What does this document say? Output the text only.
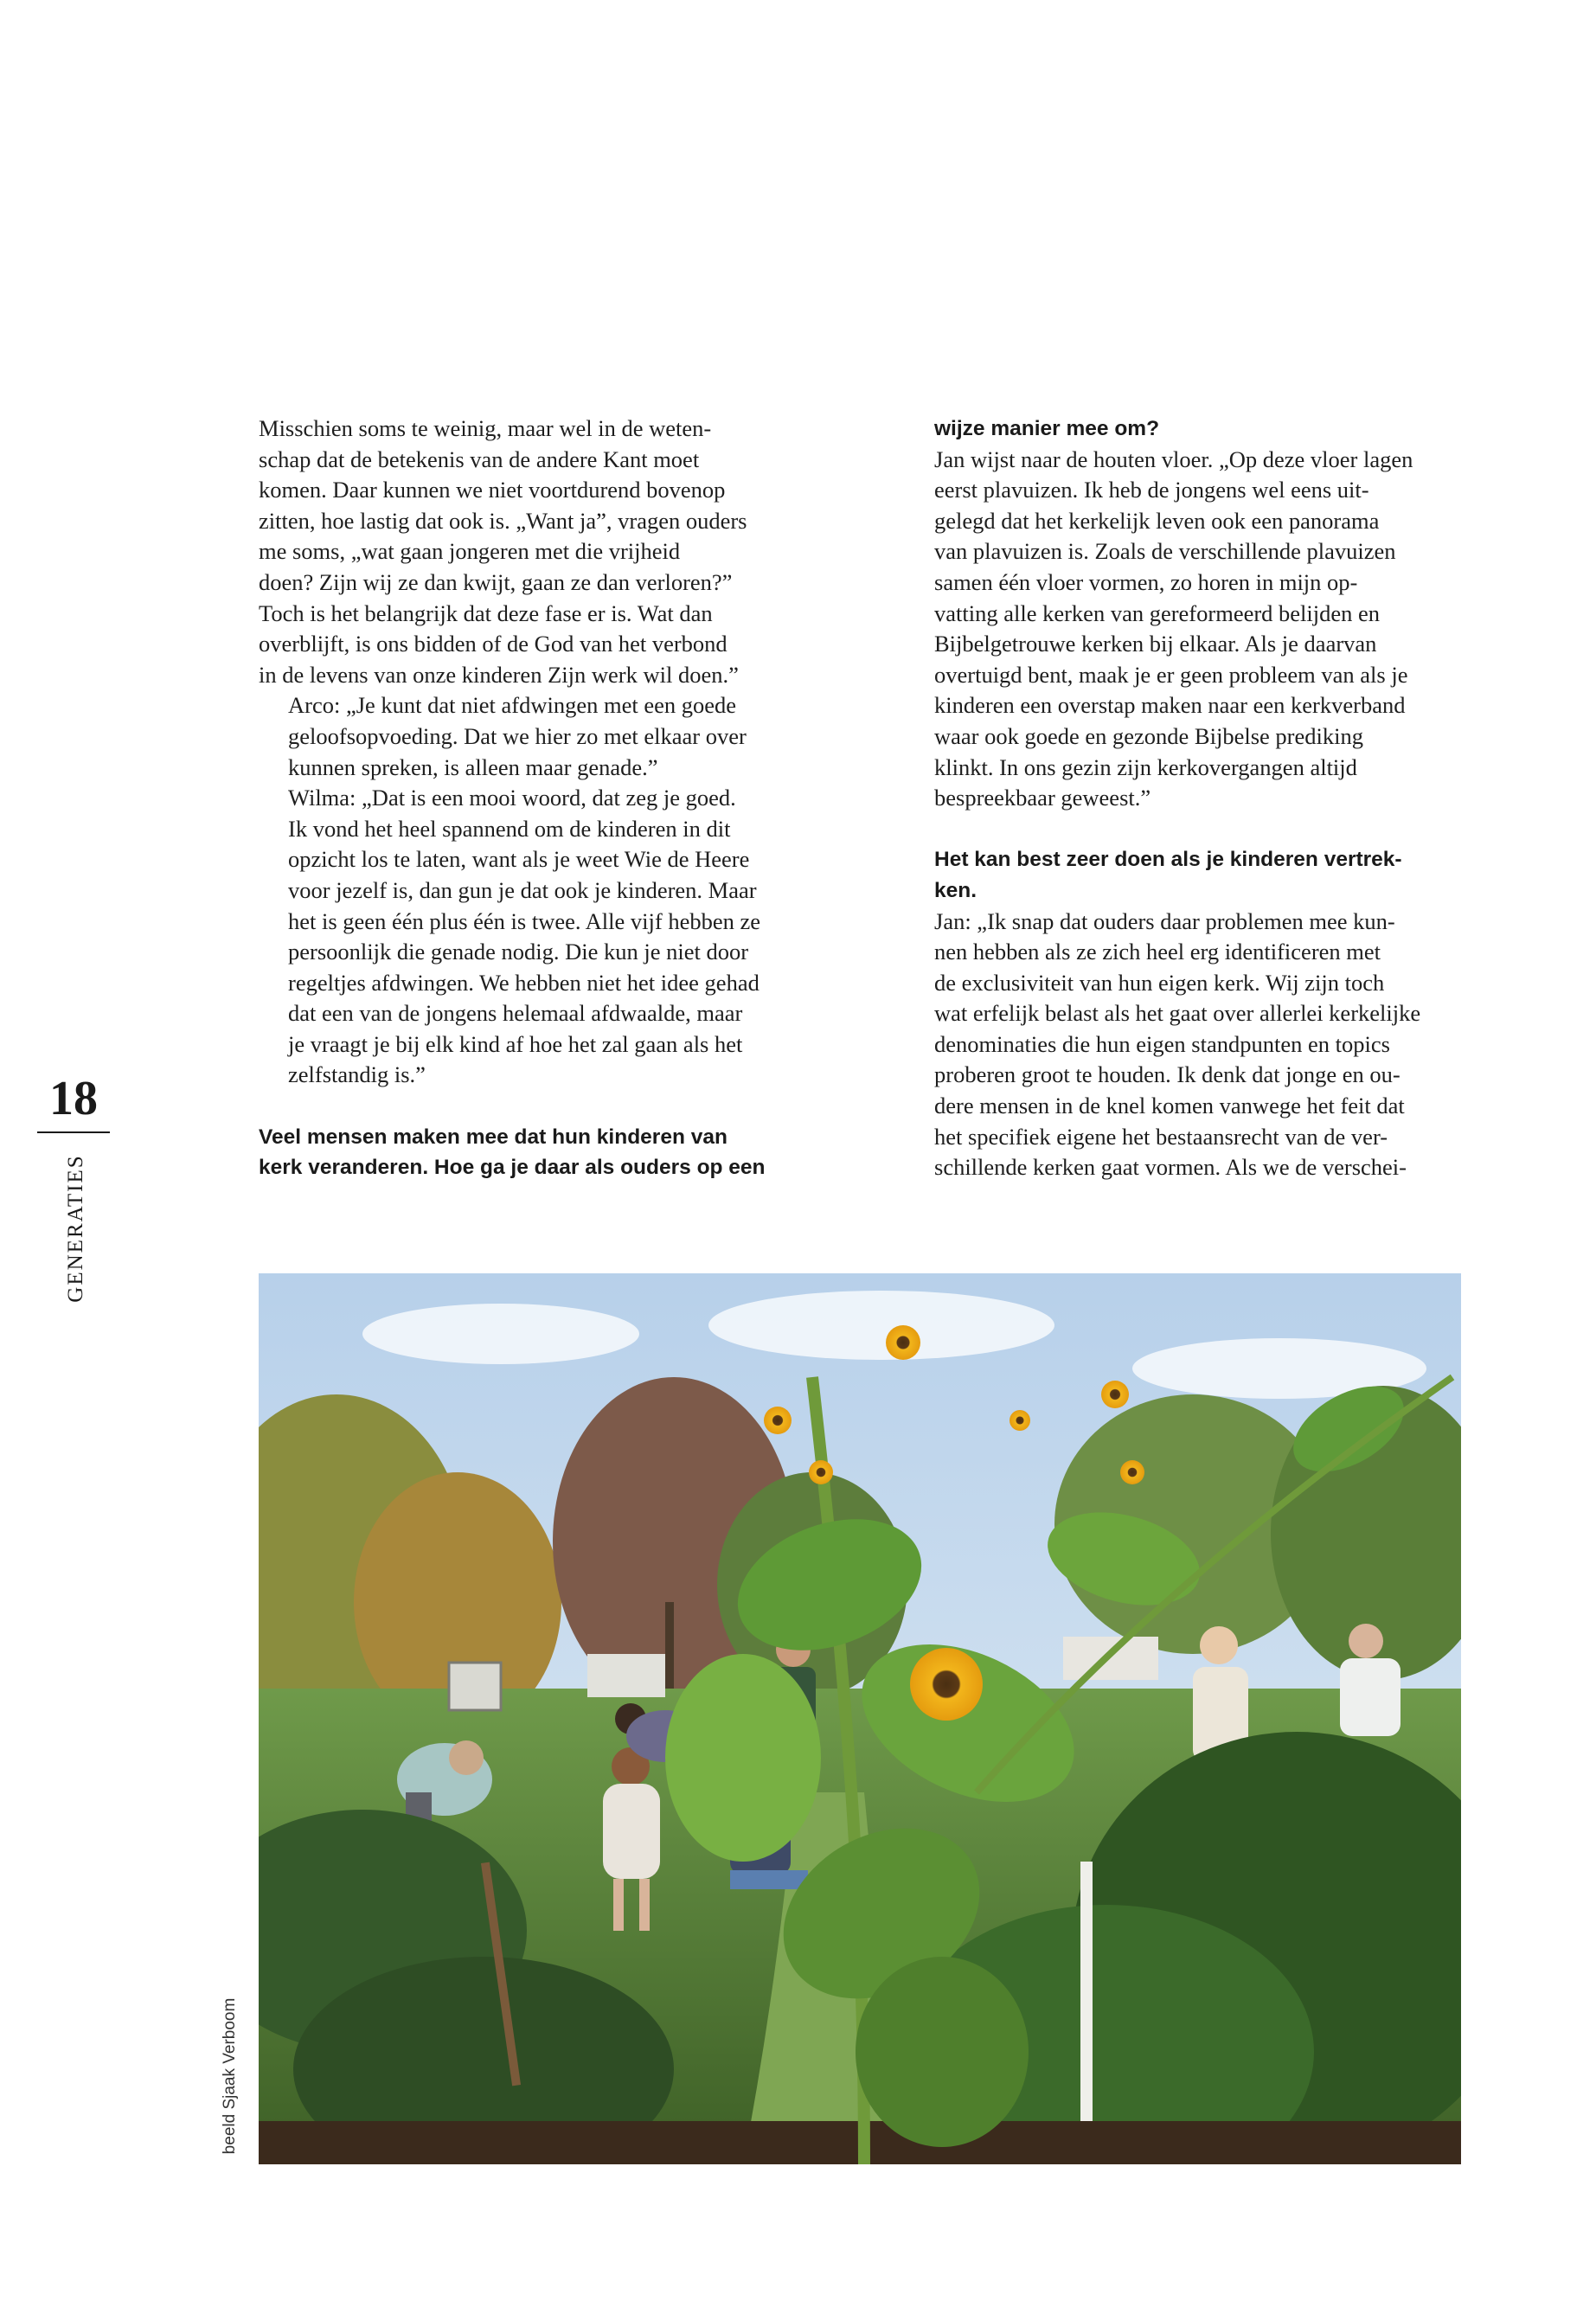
Misschien soms te weinig, maar wel in de weten-
schap dat de betekenis van de andere Kant moet
komen. Daar kunnen we niet voortdurend bovenop
zitten, hoe lastig dat ook is. „Want ja”, vragen ouders
me soms, „wat gaan jongeren met die vrijheid
doen? Zijn wij ze dan kwijt, gaan ze dan verloren?”
Toch is het belangrijk dat deze fase er is. Wat dan
overblijft, is ons bidden of de God van het verbond
in de levens van onze kinderen Zijn werk wil doen.”

Arco: „Je kunt dat niet afdwingen met een goede
geloofsopvoeding. Dat we hier zo met elkaar over
kunnen spreken, is alleen maar genade.”

Wilma: „Dat is een mooi woord, dat zeg je goed.
Ik vond het heel spannend om de kinderen in dit
opzicht los te laten, want als je weet Wie de Heere
voor jezelf is, dan gun je dat ook je kinderen. Maar
het is geen één plus één is twee. Alle vijf hebben ze
persoonlijk die genade nodig. Die kun je niet door
regeltjes afdwingen. We hebben niet het idee gehad
dat een van de jongens helemaal afdwaalde, maar
je vraagt je bij elk kind af hoe het zal gaan als het
zelfstandig is.”

Veel mensen maken mee dat hun kinderen van
kerk veranderen. Hoe ga je daar als ouders op een
wijze manier mee om?

Jan wijst naar de houten vloer. „Op deze vloer lagen
eerst plavuizen. Ik heb de jongens wel eens uit-
gelegd dat het kerkelijk leven ook een panorama
van plavuizen is. Zoals de verschillende plavuizen
samen één vloer vormen, zo horen in mijn op-
vatting alle kerken van gereformeerd belijden en
Bijbelgetrouwe kerken bij elkaar. Als je daarvan
overtuigd bent, maak je er geen probleem van als je
kinderen een overstap maken naar een kerkverband
waar ook goede en gezonde Bijbelse prediking
klinkt. In ons gezin zijn kerkovergangen altijd
bespreekbaar geweest.”

Het kan best zeer doen als je kinderen vertrek-
ken.

Jan: „Ik snap dat ouders daar problemen mee kun-
nen hebben als ze zich heel erg identificeren met
de exclusiviteit van hun eigen kerk. Wij zijn toch
wat erfelijk belast als het gaat over allerlei kerkelijke
denominaties die hun eigen standpunten en topics
proberen groot te houden. Ik denk dat jonge en ou-
dere mensen in de knel komen vanwege het feit dat
het specifiek eigene het bestaansrecht van de ver-
schillende kerken gaat vormen. Als we de verschei-

18
GENERATIES
beeld Sjaak Verboom
